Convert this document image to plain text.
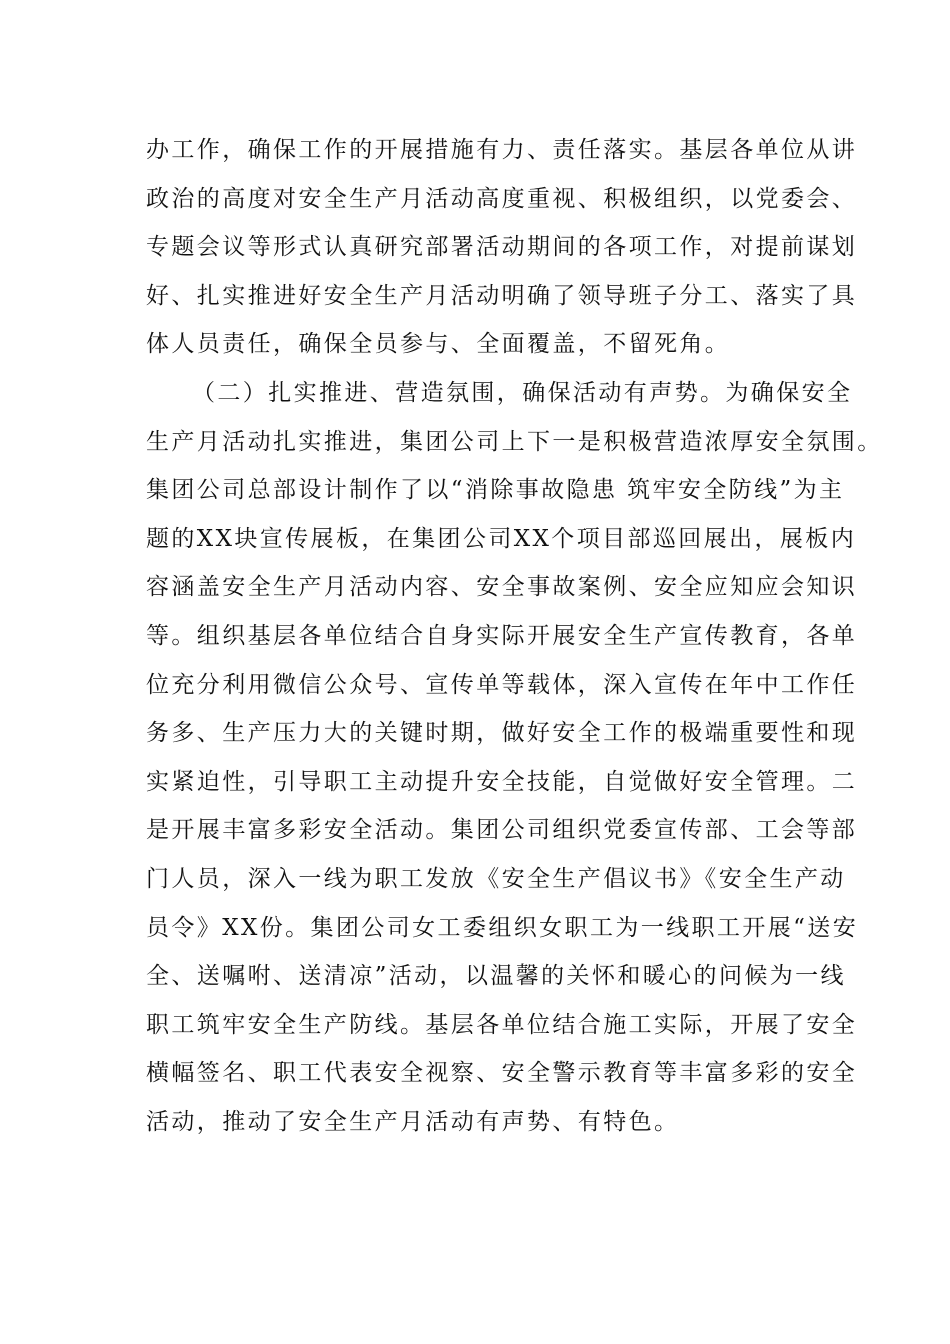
办工作，确保工作的开展措施有力、责任落实。基层各单位从讲
政治的高度对安全生产月活动高度重视、积极组织，以党委会、
专题会议等形式认真研究部署活动期间的各项工作，对提前谋划
好、扎实推进好安全生产月活动明确了领导班子分工、落实了具
体人员责任，确保全员参与、全面覆盖，不留死角。
（二）扎实推进、营造氛围，确保活动有声势。为确保安全
生产月活动扎实推进，集团公司上下一是积极营造浓厚安全氛围。
集团公司总部设计制作了以“消除事故隐患 筑牢安全防线”为主
题的XX块宣传展板，在集团公司XX个项目部巡回展出，展板内
容涵盖安全生产月活动内容、安全事故案例、安全应知应会知识
等。组织基层各单位结合自身实际开展安全生产宣传教育，各单
位充分利用微信公众号、宣传单等载体，深入宣传在年中工作任
务多、生产压力大的关键时期，做好安全工作的极端重要性和现
实紧迫性，引导职工主动提升安全技能，自觉做好安全管理。二
是开展丰富多彩安全活动。集团公司组织党委宣传部、工会等部
门人员，深入一线为职工发放《安全生产倡议书》《安全生产动
员令》XX份。集团公司女工委组织女职工为一线职工开展“送安
全、送嘱咐、送清凉”活动，以温馨的关怀和暖心的问候为一线
职工筑牢安全生产防线。基层各单位结合施工实际，开展了安全
横幅签名、职工代表安全视察、安全警示教育等丰富多彩的安全
活动，推动了安全生产月活动有声势、有特色。
